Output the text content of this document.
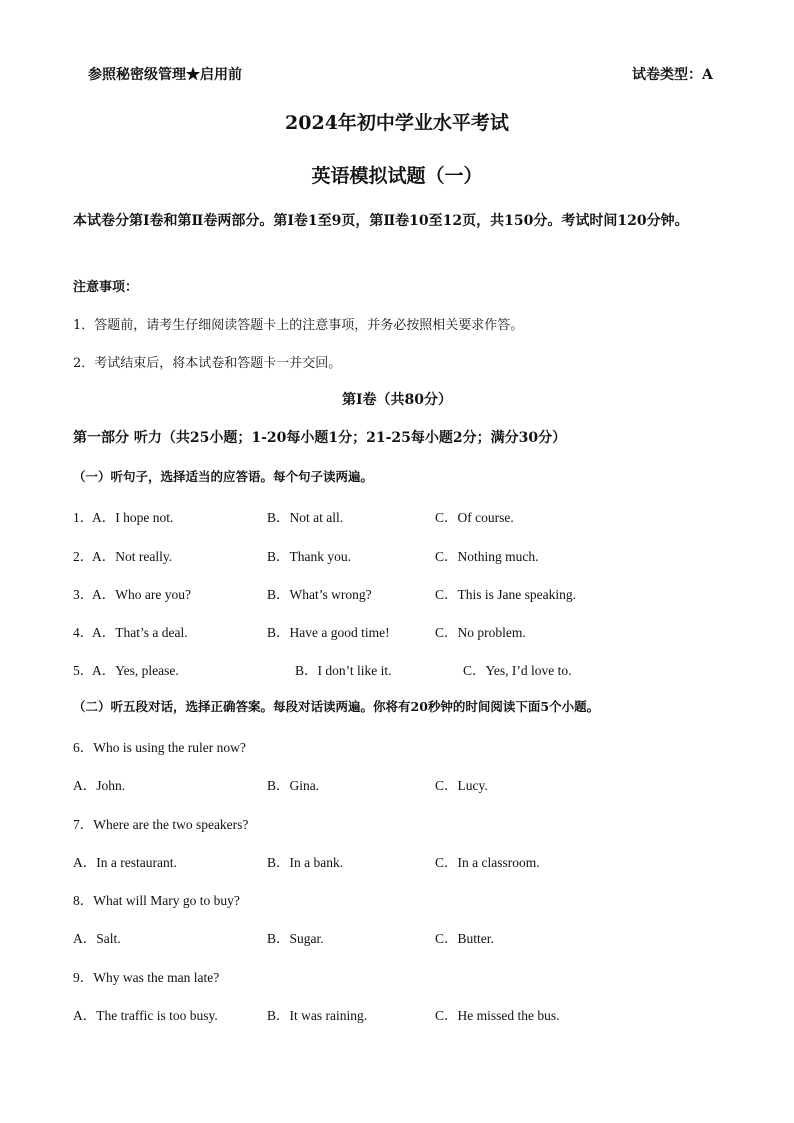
参照秘密级管理★启用前	试卷类型：A
2024年初中学业水平考试
英语模拟试题（一）
本试卷分第Ⅰ卷和第Ⅱ卷两部分。第Ⅰ卷1至9页，第Ⅱ卷10至12页，共150分。考试时间120分钟。
注意事项：
1．答题前，请考生仔细阅读答题卡上的注意事项，并务必按照相关要求作答。
2．考试结束后，将本试卷和答题卡一并交回。
第Ⅰ卷（共80分）
第一部分 听力（共25小题；1-20每小题1分；21-25每小题2分；满分30分）
（一）听句子，选择适当的应答语。每个句子读两遍。
1．
A．I hope not.	B．Not at all.	C．Of course.
2．
A．Not really.	B．Thank you.	C．Nothing much.
3．
A．Who are you?	B．What’s wrong?	C．This is Jane speaking.
4．
A．That’s a deal.	B．Have a good time!	C．No problem.
5．
A．Yes, please.	B．I don’t like it.	C．Yes, I’d love to.
（二）听五段对话，选择正确答案。每段对话读两遍。你将有20秒钟的时间阅读下面5个小题。
6．Who is using the ruler now?
A．John.	B．Gina.	C．Lucy.
7．Where are the two speakers?
A．In a restaurant.	B．In a bank.	C．In a classroom.
8．What will Mary go to buy?
A．Salt.	B．Sugar.	C．Butter.
9．Why was the man late?
A．The traffic is too busy.	B．It was raining.	C．He missed the bus.
